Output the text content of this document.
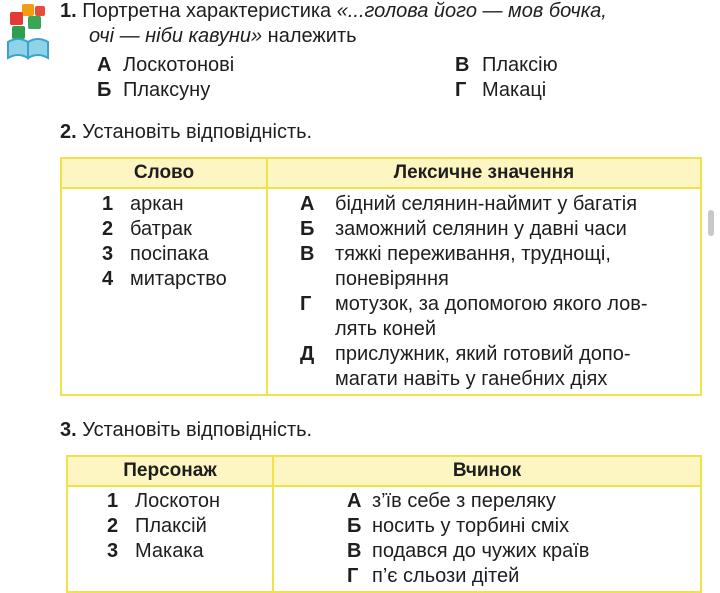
1. Портретна характеристика «...голова його — мов бочка,
очі — ніби кавуни» належить
А Лоскотонові
Б Плаксуну
В Плаксію
Г Макаці
2. Установіть відповідність.
Слово	Лексичне значення
1 аркан
2 батрак
3 посіпака
4 митарство
А бідний селянин-наймит у багатія
Б заможний селянин у давні часи
В тяжкі переживання, труднощі,
поневіряння
Г мотузок, за допомогою якого лов-
лять коней
Д прислужник, який готовий допо-
магати навіть у ганебних діях
3. Установіть відповідність.
Персонаж	Вчинок
1 Лоскотон
2 Плаксій
3 Макака
А з’їв себе з переляку
Б носить у торбині сміх
В подався до чужих країв
Г п’є сльози дітей
